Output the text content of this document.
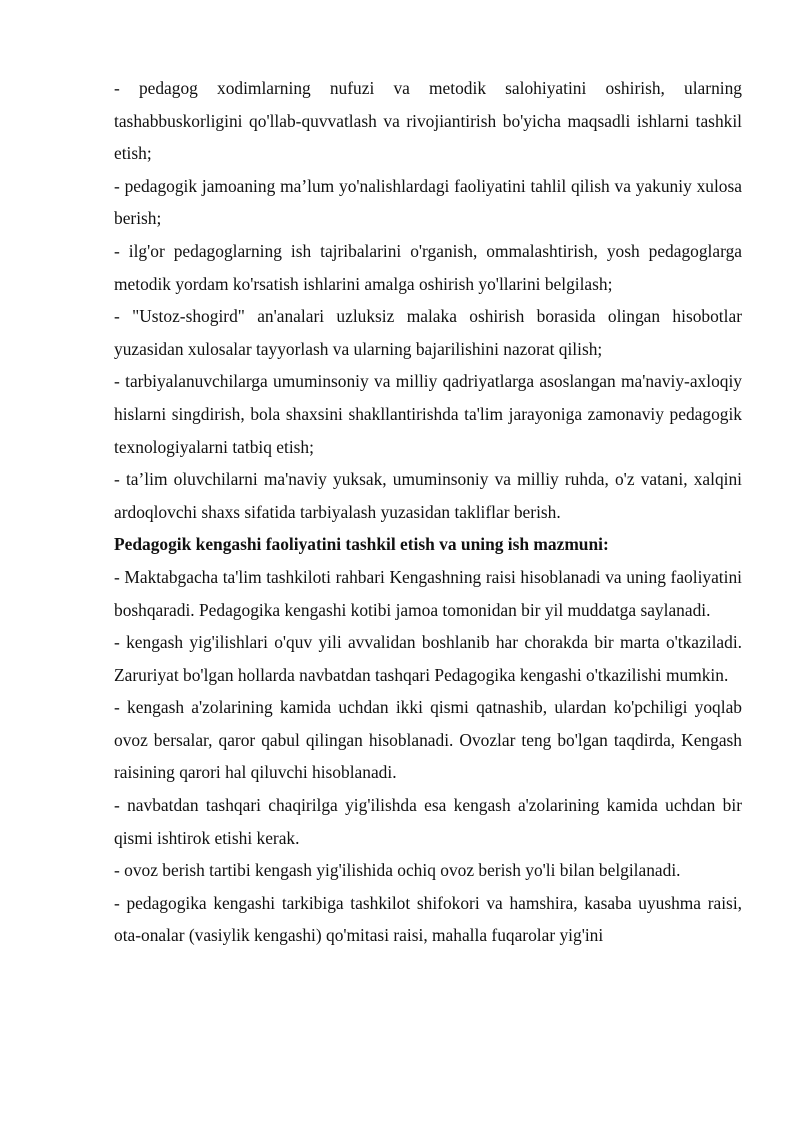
- pedagog xodimlarning nufuzi va metodik salohiyatini oshirish, ularning tashabbuskorligini qo'llab-quvvatlash va rivojiantirish bo'yicha maqsadli ishlarni tashkil etish;

- pedagogik jamoaning maʼlum yo'nalishlardagi faoliyatini tahlil qilish va yakuniy xulosa berish;

- ilg'or pedagoglarning ish tajribalarini o'rganish, ommalashtirish, yosh pedagoglarga metodik yordam ko'rsatish ishlarini amalga oshirish yo'llarini belgilash;

- "Ustoz-shogird" an'analari uzluksiz malaka oshirish borasida olingan hisobotlar yuzasidan xulosalar tayyorlash va ularning bajarilishini nazorat qilish;

- tarbiyalanuvchilarga umuminsoniy va milliy qadriyatlarga asoslangan ma'naviy-axloqiy hislarni singdirish, bola shaxsini shakllantirishda ta'lim jarayoniga zamonaviy pedagogik texnologiyalarni tatbiq etish;

- taʼlim oluvchilarni ma'naviy yuksak, umuminsoniy va milliy ruhda, o'z vatani, xalqini ardoqlovchi shaxs sifatida tarbiyalash yuzasidan takliflar berish.

Pedagogik kengashi faoliyatini tashkil etish va uning ish mazmuni:

- Maktabgacha ta'lim tashkiloti rahbari Kengashning raisi hisoblanadi va uning faoliyatini boshqaradi. Pedagogika kengashi kotibi jamoa tomonidan bir yil muddatga saylanadi.

- kengash yig'ilishlari o'quv yili avvalidan boshlanib har chorakda bir marta o'tkaziladi. Zaruriyat bo'lgan hollarda navbatdan tashqari Pedagogika kengashi o'tkazilishi mumkin.

- kengash a'zolarining kamida uchdan ikki qismi qatnashib, ulardan ko'pchiligi yoqlab ovoz bersalar, qaror qabul qilingan hisoblanadi. Ovozlar teng bo'lgan taqdirda, Kengash raisining qarori hal qiluvchi hisoblanadi.

- navbatdan tashqari chaqirilga yig'ilishda esa kengash a'zolarining kamida uchdan bir qismi ishtirok etishi kerak.

- ovoz berish tartibi kengash yig'ilishida ochiq ovoz berish yo'li bilan belgilanadi.

- pedagogika kengashi tarkibiga tashkilot shifokori va hamshira, kasaba uyushma raisi, ota-onalar (vasiylik kengashi) qo'mitasi raisi, mahalla fuqarolar yig'ini
